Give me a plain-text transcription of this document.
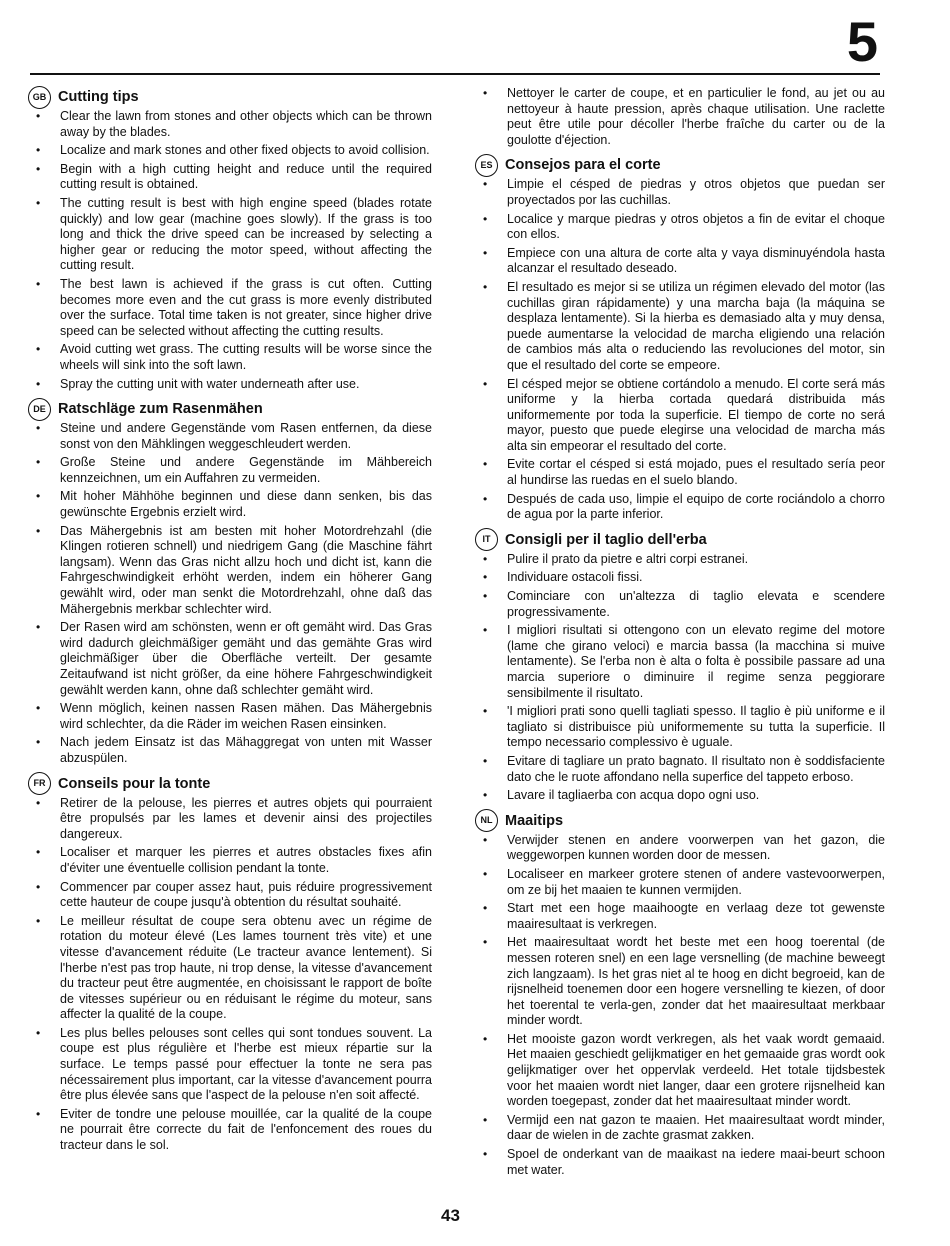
5
GB Cutting tips
• Clear the lawn from stones and other objects which can be thrown away by the blades.
• Localize and mark stones and other fixed objects to avoid collision.
• Begin with a high cutting height and reduce until the required cutting result is obtained.
• The cutting result is best with high engine speed (blades rotate quickly) and low gear (machine goes slowly). If the grass is too long and thick the drive speed can be increased by selecting a higher gear or reducing the motor speed, without affecting the cutting result.
• The best lawn is achieved if the grass is cut often. Cutting becomes more even and the cut grass is more evenly distributed over the surface. Total time taken is not greater, since higher drive speed can be selected without affecting the cutting results.
• Avoid cutting wet grass. The cutting results will be worse since the wheels will sink into the soft lawn.
• Spray the cutting unit with water underneath after use.
DE Ratschläge zum Rasenmähen
• Steine und andere Gegenstände vom Rasen entfernen, da diese sonst von den Mähklingen weggeschleudert werden.
• Große Steine und andere Gegenstände im Mähbereich kennzeichnen, um ein Auffahren zu vermeiden.
• Mit hoher Mähhöhe beginnen und diese dann senken, bis das gewünschte Ergebnis erzielt wird.
• Das Mähergebnis ist am besten mit hoher Motordrehzahl (die Klingen rotieren schnell) und niedrigem Gang (die Maschine fährt langsam). Wenn das Gras nicht allzu hoch und dicht ist, kann die Fahrgeschwindigkeit erhöht werden, indem ein höherer Gang gewählt wird, oder man senkt die Motordrehzahl, ohne daß das Mähergebnis merkbar schlechter wird.
• Der Rasen wird am schönsten, wenn er oft gemäht wird. Das Gras wird dadurch gleichmäßiger gemäht und das gemähte Gras wird gleichmäßiger über die Oberfläche verteilt. Der gesamte Zeitaufwand ist nicht größer, da eine höhere Fahrgeschwindigkeit gewählt werden kann, ohne daß schlechter gemäht wird.
• Wenn möglich, keinen nassen Rasen mähen. Das Mähergebnis wird schlechter, da die Räder im weichen Rasen einsinken.
• Nach jedem Einsatz ist das Mähaggregat von unten mit Wasser abzuspülen.
FR Conseils pour la tonte
• Retirer de la pelouse, les pierres et autres objets qui pourraient être propulsés par les lames et devenir ainsi des projectiles dangereux.
• Localiser et marquer les pierres et autres obstacles fixes afin d'éviter une éventuelle collision pendant la tonte.
• Commencer par couper assez haut, puis réduire progressivement cette hauteur de coupe jusqu'à obtention du résultat souhaité.
• Le meilleur résultat de coupe sera obtenu avec un régime de rotation du moteur élevé (Les lames tournent très vite) et une vitesse d'avancement réduite (Le tracteur avance lentement). Si l'herbe n'est pas trop haute, ni trop dense, la vitesse d'avancement du tracteur peut être augmentée, en choisissant le rapport de boîte de vitesses supérieur ou en réduisant le régime du moteur, sans affecter la qualité de la coupe.
• Les plus belles pelouses sont celles qui sont tondues souvent. La coupe est plus régulière et l'herbe est mieux répartie sur la surface. Le temps passé pour effectuer la tonte ne sera pas nécessairement plus important, car la vitesse d'avancement pourra être plus élevée sans que l'aspect de la pelouse n'en soit affecté.
• Eviter de tondre une pelouse mouillée, car la qualité de la coupe ne pourrait être correcte du fait de l'enfoncement des roues du tracteur dans le sol.
• Nettoyer le carter de coupe, et en particulier le fond, au jet ou au nettoyeur à haute pression, après chaque utilisation. Une raclette peut être utile pour décoller l'herbe fraîche du carter ou de la goulotte d'éjection.
ES Consejos para el corte
• Limpie el césped de piedras y otros objetos que puedan ser proyectados por las cuchillas.
• Localice y marque piedras y otros objetos a fin de evitar el choque con ellos.
• Empiece con una altura de corte alta y vaya disminuyéndola hasta alcanzar el resultado deseado.
• El resultado es mejor si se utiliza un régimen elevado del motor (las cuchillas giran rápidamente) y una marcha baja (la máquina se desplaza lentamente). Si la hierba es demasiado alta y muy densa, puede aumentarse la velocidad de marcha eligiendo una relación de cambios más alta o reduciendo las revoluciones del motor, sin que el resultado del corte se empeore.
• El césped mejor se obtiene cortándolo a menudo. El corte será más uniforme y la hierba cortada quedará distribuida más uniformemente por toda la superficie. El tiempo de corte no será mayor, puesto que puede elegirse una velocidad de marcha más alta sin empeorar el resultado del corte.
• Evite cortar el césped si está mojado, pues el resultado sería peor al hundirse las ruedas en el suelo blando.
• Después de cada uso, limpie el equipo de corte rociándolo a chorro de agua por la parte inferior.
IT	Consigli per il taglio dell'erba
• Pulire il prato da pietre e altri corpi estranei.
• Individuare ostacoli fissi.
• Cominciare con un'altezza di taglio elevata e scendere progressivamente.
• I migliori risultati si ottengono con un elevato regime del motore (lame che girano veloci) e marcia bassa (la macchina si muive lentamente). Se l'erba non è alta o folta è possibile passare ad una marcia superiore o diminuire il regime senza peggiorare sensibilmente il risultato.
• 'I migliori prati sono quelli tagliati spesso. Il taglio è più uniforme e il tagliato si distribuisce più uniformemente su tutta la superficie. Il tempo necessario complessivo è uguale.
• Evitare di tagliare un prato bagnato. Il risultato non è soddisfaciente dato che le ruote affondano nella superfice del tappeto erboso.
• Lavare il tagliaerba con acqua dopo ogni uso.
NL Maaitips
• Verwijder stenen en andere voorwerpen van het gazon, die weggeworpen kunnen worden door de messen.
• Localiseer en markeer grotere stenen of andere vastevoorwerpen, om ze bij het maaien te kunnen vermijden.
• Start met een hoge maaihoogte en verlaag deze tot gewenste maairesultaat is verkregen.
• Het maairesultaat wordt het beste met een hoog toerental (de messen roteren snel) en een lage versnelling (de machine beweegt zich langzaam). Is het gras niet al te hoog en dicht begroeid, kan de rijsnelheid toenemen door een hogere versnelling te kiezen, of door het toerental te verla-gen, zonder dat het maairesultaat merkbaar minder wordt.
• Het mooiste gazon wordt verkregen, als het vaak wordt gemaaid. Het maaien geschiedt gelijkmatiger en het gemaaide gras wordt ook gelijkmatiger over het oppervlak verdeeld. Het totale tijdsbestek voor het maaien wordt niet langer, daar een grotere rijsnelheid kan worden toegepast, zonder dat het maairesultaat minder wordt.
• Vermijd een nat gazon te maaien. Het maairesultaat wordt minder, daar de wielen in de zachte grasmat zakken.
• Spoel de onderkant van de maaikast na iedere maai-beurt schoon met water.
43
